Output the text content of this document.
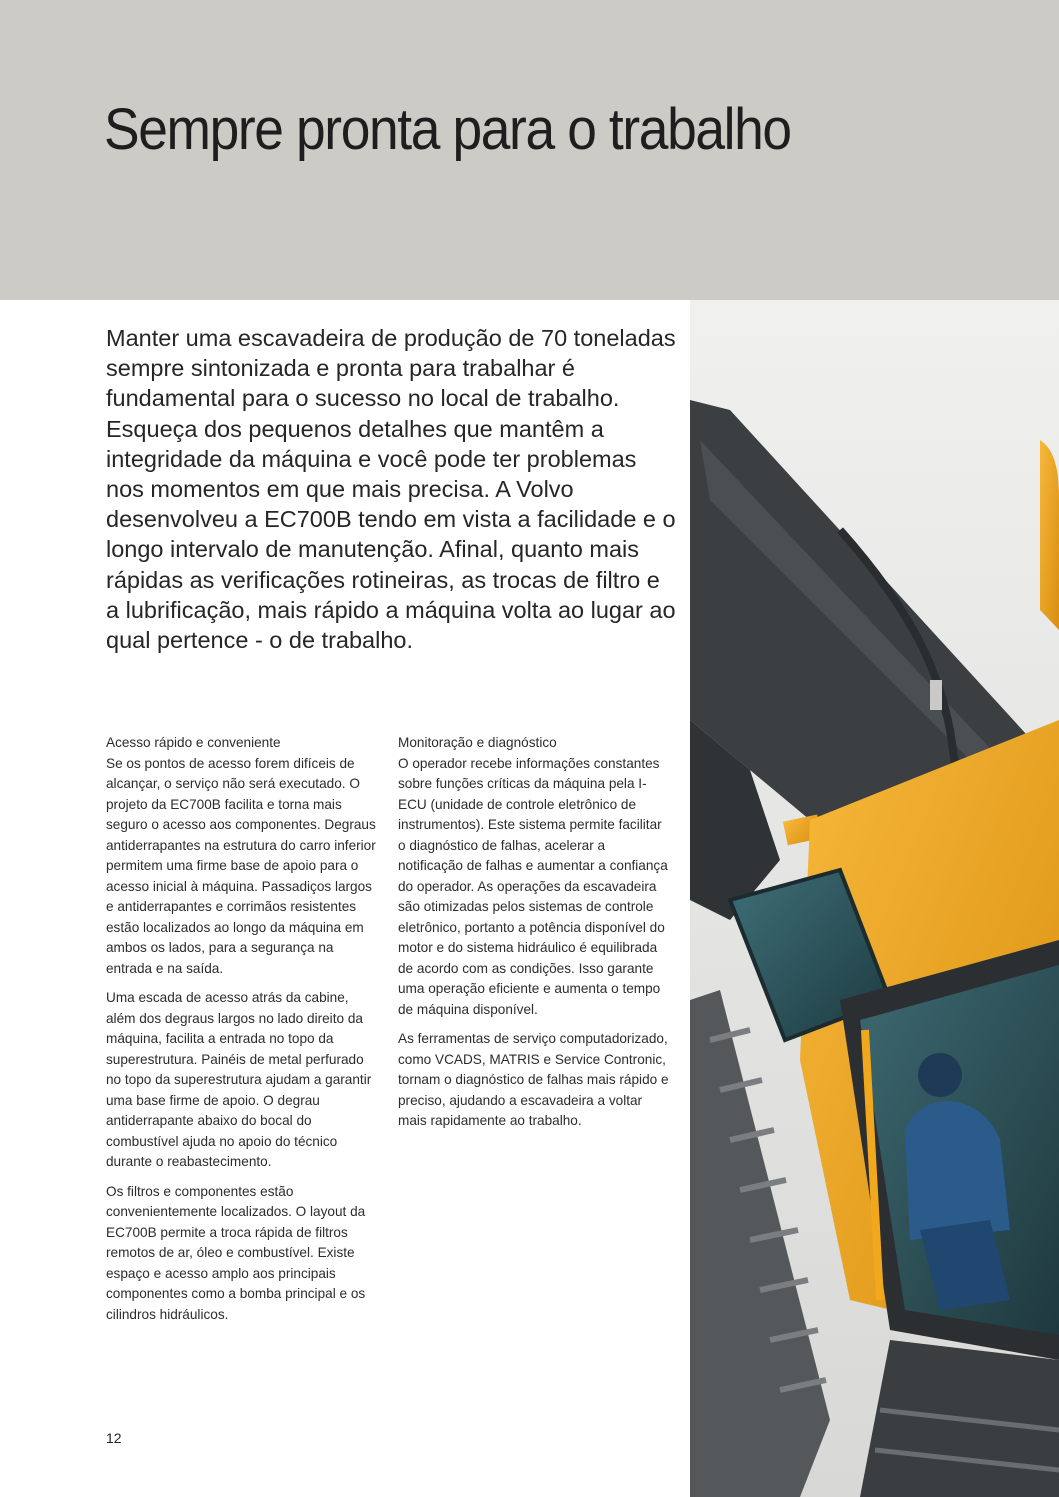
Sempre pronta para o trabalho

Manter uma escavadeira de produção de 70 toneladas sempre sintonizada e pronta para trabalhar é fundamental para o sucesso no local de trabalho. Esqueça dos pequenos detalhes que mantêm a integridade da máquina e você pode ter problemas nos momentos em que mais precisa. A Volvo desenvolveu a EC700B tendo em vista a facilidade e o longo intervalo de manutenção. Afinal, quanto mais rápidas as verificações rotineiras, as trocas de filtro e a lubrificação, mais rápido a máquina volta ao lugar ao qual pertence - o de trabalho.

Acesso rápido e conveniente

Se os pontos de acesso forem difíceis de alcançar, o serviço não será executado. O projeto da EC700B facilita e torna mais seguro o acesso aos componentes. Degraus antiderrapantes na estrutura do carro inferior permitem uma firme base de apoio para o acesso inicial à máquina. Passadiços largos e antiderrapantes e corrimãos resistentes estão localizados ao longo da máquina em ambos os lados, para a segurança na entrada e na saída.

Uma escada de acesso atrás da cabine, além dos degraus largos no lado direito da máquina, facilita a entrada no topo da superestrutura. Painéis de metal perfurado no topo da superestrutura ajudam a garantir uma base firme de apoio. O degrau antiderrapante abaixo do bocal do combustível ajuda no apoio do técnico durante o reabastecimento.

Os filtros e componentes estão convenientemente localizados. O layout da EC700B permite a troca rápida de filtros remotos de ar, óleo e combustível. Existe espaço e acesso amplo aos principais componentes como a bomba principal e os cilindros hidráulicos.

Monitoração e diagnóstico

O operador recebe informações constantes sobre funções críticas da máquina pela I-ECU (unidade de controle eletrônico de instrumentos). Este sistema permite facilitar o diagnóstico de falhas, acelerar a notificação de falhas e aumentar a confiança do operador. As operações da escavadeira são otimizadas pelos sistemas de controle eletrônico, portanto a potência disponível do motor e do sistema hidráulico é equilibrada de acordo com as condições. Isso garante uma operação eficiente e aumenta o tempo de máquina disponível.

As ferramentas de serviço computadorizado, como VCADS, MATRIS e Service Contronic, tornam o diagnóstico de falhas mais rápido e preciso, ajudando a escavadeira a voltar mais rapidamente ao trabalho.

12
